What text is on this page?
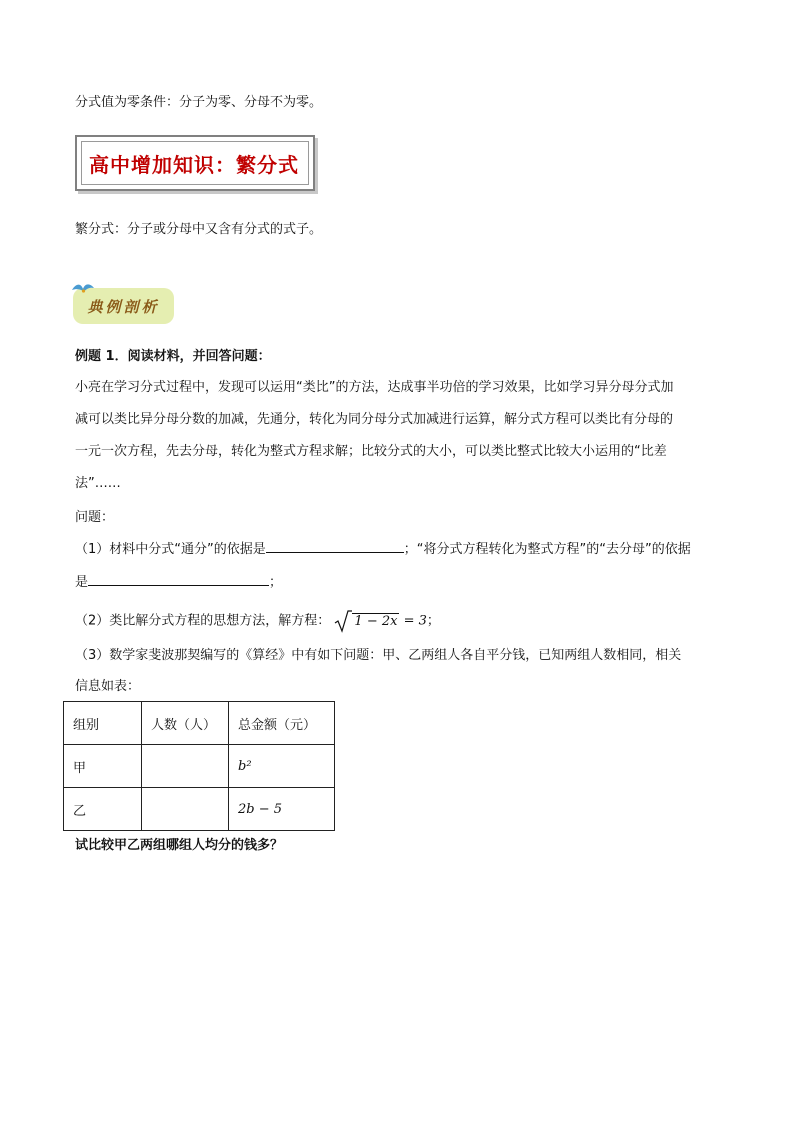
分式值为零条件：分子为零、分母不为零。
高中增加知识：繁分式
繁分式：分子或分母中又含有分式的式子。
典例剖析
例题 1．阅读材料，并回答问题：
小亮在学习分式过程中，发现可以运用“类比”的方法，达成事半功倍的学习效果，比如学习异分母分式加
减可以类比异分母分数的加减，先通分，转化为同分母分式加减进行运算，解分式方程可以类比有分母的
一元一次方程，先去分母，转化为整式方程求解；比较分式的大小，可以类比整式比较大小运用的“比差
法”……
问题：
（1）材料中分式“通分”的依据是	；“将分式方程转化为整式方程”的“去分母”的依据
是	；
（2）类比解分式方程的思想方法，解方程： 1 − 2x = 3；
（3）数学家斐波那契编写的《算经》中有如下问题：甲、乙两组人各自平分钱，已知两组人数相同，相关
信息如表：
组别	人数（人）	总金额（元）
甲		b²
乙		2b − 5
试比较甲乙两组哪组人均分的钱多？
